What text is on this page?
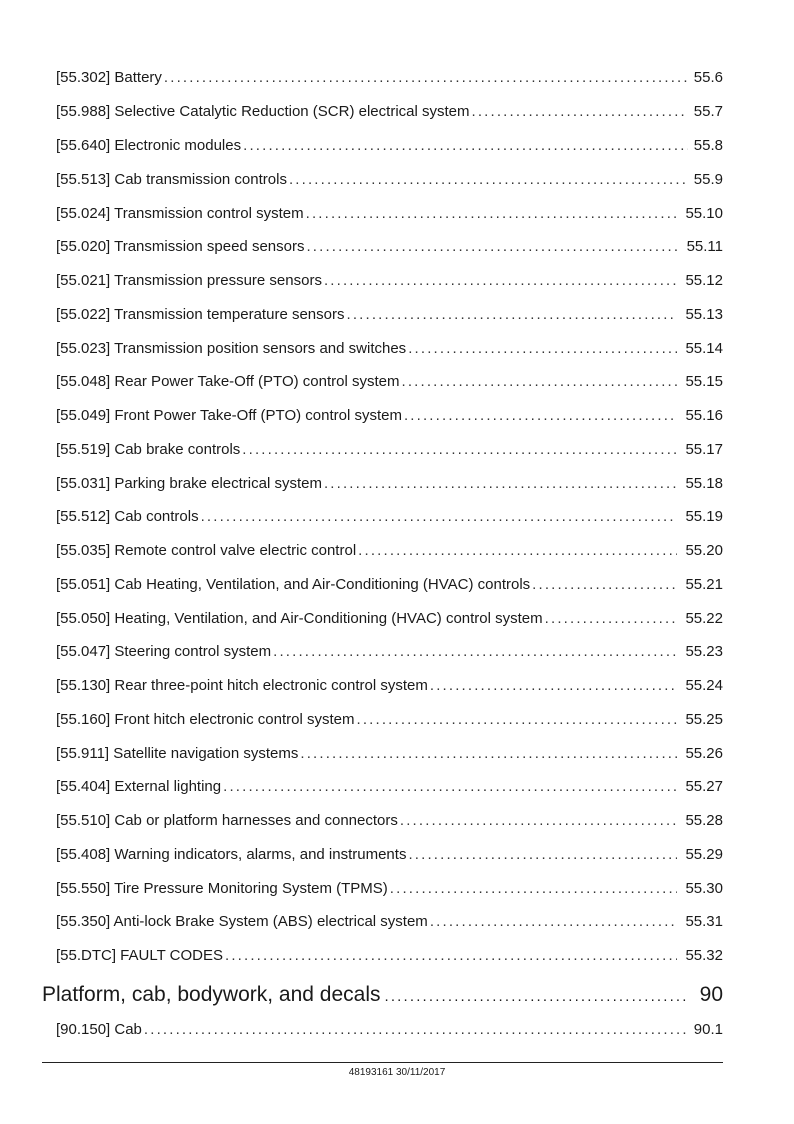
[55.302] Battery . . .	55.6
[55.988] Selective Catalytic Reduction (SCR) electrical system . . .	55.7
[55.640] Electronic modules . . .	55.8
[55.513] Cab transmission controls . . .	55.9
[55.024] Transmission control system . . .	55.10
[55.020] Transmission speed sensors . . .	55.11
[55.021] Transmission pressure sensors . . .	55.12
[55.022] Transmission temperature sensors . . .	55.13
[55.023] Transmission position sensors and switches . . .	55.14
[55.048] Rear Power Take-Off (PTO) control system . . .	55.15
[55.049] Front Power Take-Off (PTO) control system . . .	55.16
[55.519] Cab brake controls . . .	55.17
[55.031] Parking brake electrical system . . .	55.18
[55.512] Cab controls . . .	55.19
[55.035] Remote control valve electric control . . .	55.20
[55.051] Cab Heating, Ventilation, and Air-Conditioning (HVAC) controls . . .	55.21
[55.050] Heating, Ventilation, and Air-Conditioning (HVAC) control system . . .	55.22
[55.047] Steering control system . . .	55.23
[55.130] Rear three-point hitch electronic control system . . .	55.24
[55.160] Front hitch electronic control system . . .	55.25
[55.911] Satellite navigation systems . . .	55.26
[55.404] External lighting . . .	55.27
[55.510] Cab or platform harnesses and connectors . . .	55.28
[55.408] Warning indicators, alarms, and instruments . . .	55.29
[55.550] Tire Pressure Monitoring System (TPMS) . . .	55.30
[55.350] Anti-lock Brake System (ABS) electrical system . . .	55.31
[55.DTC] FAULT CODES . . .	55.32
Platform, cab, bodywork, and decals . . .	90
[90.150] Cab . . .	90.1
48193161 30/11/2017
